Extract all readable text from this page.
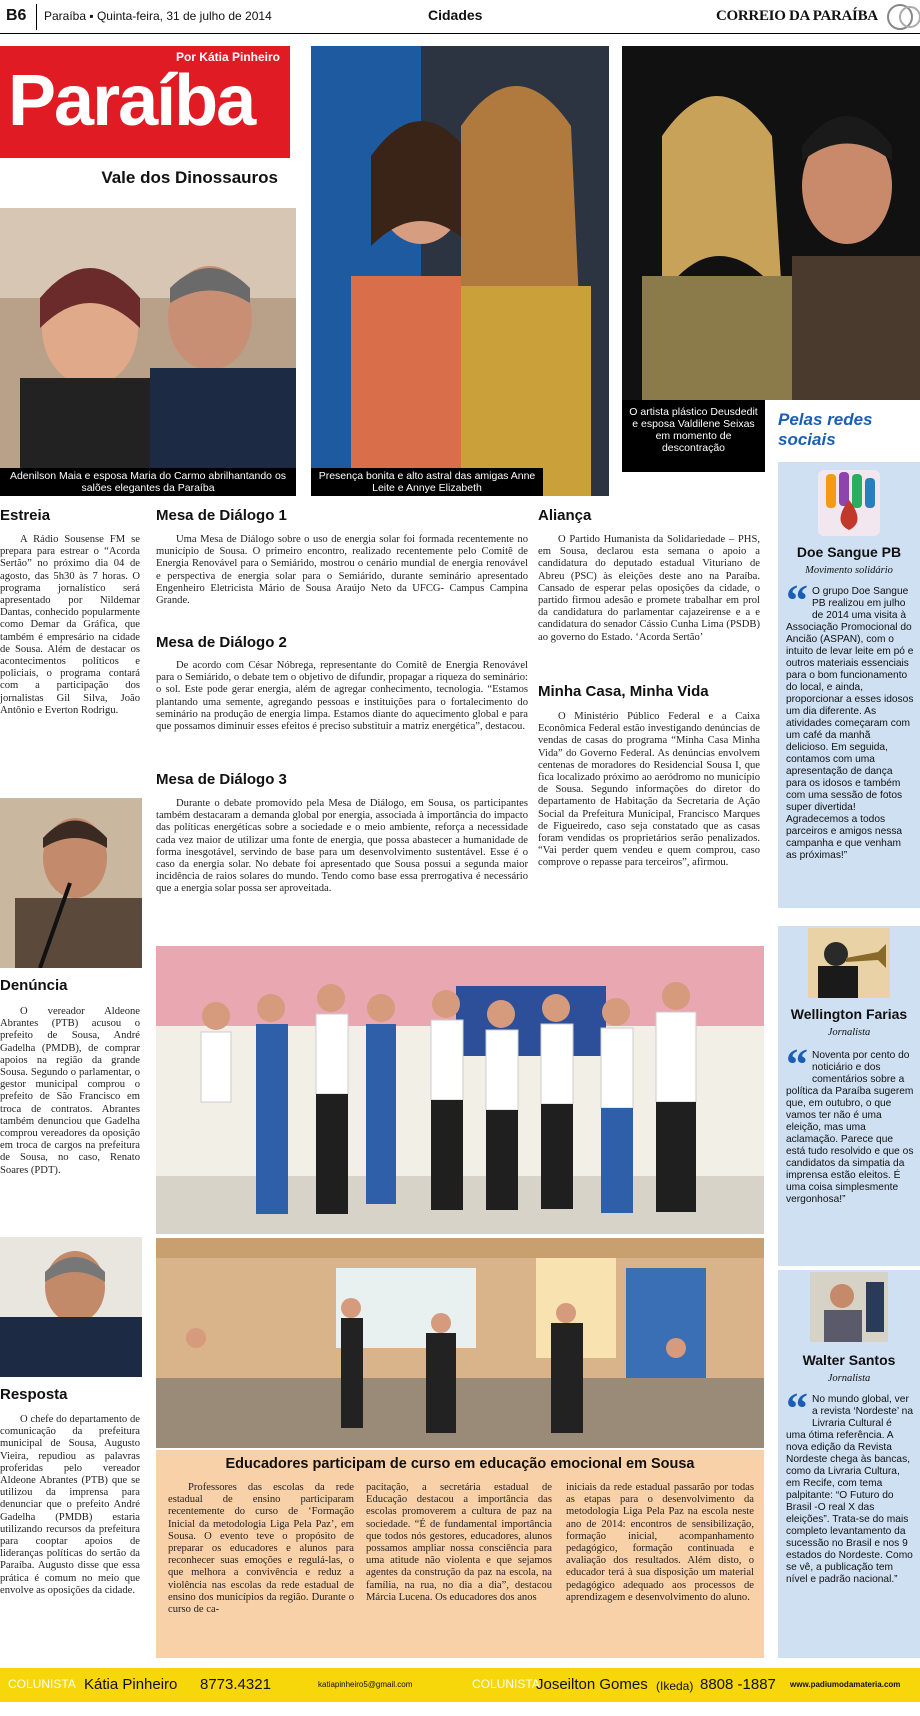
B6 Paraíba ▪ Quinta-feira, 31 de julho de 2014	Cidades	CORREIO DA PARAÍBA
Por Kátia Pinheiro
Paraíba
Vale dos Dinossauros
Adenilson Maia e esposa Maria do Carmo abrilhantando os salões elegantes da Paraíba
Presença bonita e alto astral das amigas Anne Leite e Annye Elizabeth
O artista plástico Deusdedit e esposa Valdilene Seixas em momento de descontração
Pelas redes sociais
Estreia

A Rádio Sousense FM se prepara para estrear o “Acorda Sertão” no próximo dia 04 de agosto, das 5h30 às 7 horas. O programa jornalístico será apresentado por Nildemar Dantas, conhecido popularmente como Demar da Gráfica, que também é empresário na cidade de Sousa. Além de destacar os acontecimentos políticos e policiais, o programa contará com a participação dos jornalistas Gil Silva, João Antônio e Everton Rodrigu.

Denúncia

O vereador Aldeone Abrantes (PTB) acusou o prefeito de Sousa, André Gadelha (PMDB), de comprar apoios na região da grande Sousa. Segundo o parlamentar, o gestor municipal comprou o prefeito de São Francisco em troca de contratos. Abrantes também denunciou que Gadelha comprou vereadores da oposição em troca de cargos na prefeitura de Sousa, no caso, Renato Soares (PDT).

Resposta

O chefe do departamento de comunicação da prefeitura municipal de Sousa, Augusto Vieira, repudiou as palavras proferidas pelo vereador Aldeone Abrantes (PTB) que se utilizou da imprensa para denunciar que o prefeito André Gadelha (PMDB) estaria utilizando recursos da prefeitura para cooptar apoios de lideranças políticas do sertão da Paraíba. Augusto disse que essa prática é comum no meio que envolve as oposições da cidade.

Mesa de Diálogo 1

Uma Mesa de Diálogo sobre o uso de energia solar foi formada recentemente no município de Sousa. O primeiro encontro, realizado recentemente pelo Comitê de Energia Renovável para o Semiárido, mostrou o cenário mundial de energia renovável e perspectiva de energia solar para o Semiárido, durante seminário apresentado Engenheiro Eletricista Mário de Sousa Araújo Neto da UFCG- Campus Campina Grande.

Mesa de Diálogo 2

De acordo com César Nóbrega, representante do Comitê de Energia Renovável para o Semiárido, o debate tem o objetivo de difundir, propagar a riqueza do seminário: o sol. Este pode gerar energia, além de agregar conhecimento, tecnologia. “Estamos plantando uma semente, agregando pessoas e instituições para o fortalecimento do seminário na produção de energia limpa. Estamos diante do aquecimento global e para que possamos diminuir esses efeitos é preciso substituir a matriz energética”, destacou.

Mesa de Diálogo 3

Durante o debate promovido pela Mesa de Diálogo, em Sousa, os participantes também destacaram a demanda global por energia, associada à importância do impacto das políticas energéticas sobre a sociedade e o meio ambiente, reforça a necessidade cada vez maior de utilizar uma fonte de energia, que possa abastecer a humanidade de forma inesgotável, servindo de base para um desenvolvimento sustentável. Esse é o caso da energia solar. No debate foi apresentado que Sousa possui a segunda maior incidência de raios solares do mundo. Tendo como base essa prerrogativa é necessário que a energia solar possa ser aproveitada.

Aliança

O Partido Humanista da Solidariedade – PHS, em Sousa, declarou esta semana o apoio a candidatura do deputado estadual Vituriano de Abreu (PSC) às eleições deste ano na Paraíba. Cansado de esperar pelas oposições da cidade, o partido firmou adesão e promete trabalhar em prol da candidatura do parlamentar cajazeirense e a e candidatura do senador Cássio Cunha Lima (PSDB) ao governo do Estado. ‘Acorda Sertão’

Minha Casa, Minha Vida

O Ministério Público Federal e a Caixa Econômica Federal estão investigando denúncias de vendas de casas do programa “Minha Casa Minha Vida” do Governo Federal. As denúncias envolvem centenas de moradores do Residencial Sousa I, que fica localizado próximo ao aeródromo no município de Sousa. Segundo informações do diretor do departamento de Habitação da Secretaria de Ação Social da Prefeitura Municipal, Francisco Marques de Figueiredo, caso seja constatado que as casas foram vendidas os proprietários serão penalizados. “Vai perder quem vendeu e quem comprou, caso comprove o repasse para terceiros”, afirmou.

Educadores participam de curso em educação emocional em Sousa

Professores das escolas da rede estadual de ensino participaram recentemente do curso de ‘Formação Inicial da metodologia Liga Pela Paz’, em Sousa. O evento teve o propósito de preparar os educadores e alunos para reconhecer suas emoções e regulá-las, o que melhora a convivência e reduz a violência nas escolas da rede estadual de ensino dos municípios da região. Durante o curso de ca-

pacitação, a secretária estadual de Educação destacou a importância das escolas promoverem a cultura de paz na sociedade. “É de fundamental importância que todos nós gestores, educadores, alunos possamos ampliar nossa consciência para uma atitude não violenta e que sejamos agentes da construção da paz na escola, na família, na rua, no dia a dia”, destacou Márcia Lucena. Os educadores dos anos

iniciais da rede estadual passarão por todas as etapas para o desenvolvimento da metodologia Liga Pela Paz na escola neste ano de 2014: encontros de sensibilização, formação inicial, acompanhamento pedagógico, formação continuada e avaliação dos resultados. Além disto, o educador terá à sua disposição um material pedagógico adequado aos processos de aprendizagem e desenvolvimento do aluno.

Doe Sangue PB
Movimento solidário
“ O grupo Doe Sangue PB realizou em julho de 2014 uma visita à Associação Promocional do Ancião (ASPAN), com o intuito de levar leite em pó e outros materiais essenciais para o bom funcionamento do local, e ainda, proporcionar a esses idosos um dia diferente. As atividades começaram com um café da manhã delicioso. Em seguida, contamos com uma apresentação de dança para os idosos e também com uma sessão de fotos super divertida! Agradecemos a todos parceiros e amigos nessa campanha e que venham as próximas!”
Wellington Farias
Jornalista
“ Noventa por cento do noticiário e dos comentários sobre a política da Paraíba sugerem que, em outubro, o que vamos ter não é uma eleição, mas uma aclamação. Parece que está tudo resolvido e que os candidatos da simpatia da imprensa estão eleitos. É uma coisa simplesmente vergonhosa!”
Walter Santos
Jornalista
“ No mundo global, ver a revista ‘Nordeste’ na Livraria Cultural é uma ótima referência. A nova edição da Revista Nordeste chega às bancas, como da Livraria Cultura, em Recife, com tema palpitante: “O Futuro do Brasil -O real X das eleições”. Trata-se do mais completo levantamento da sucessão no Brasil e nos 9 estados do Nordeste. Como se vê, a publicação tem nível e padrão nacional.”
COLUNISTA Kátia Pinheiro 8773.4321	katiapinheiro5@gmail.com	COLUNISTA
Joseilton Gomes (Ikeda) 8808 -1887 www.padiumodamateria.com
